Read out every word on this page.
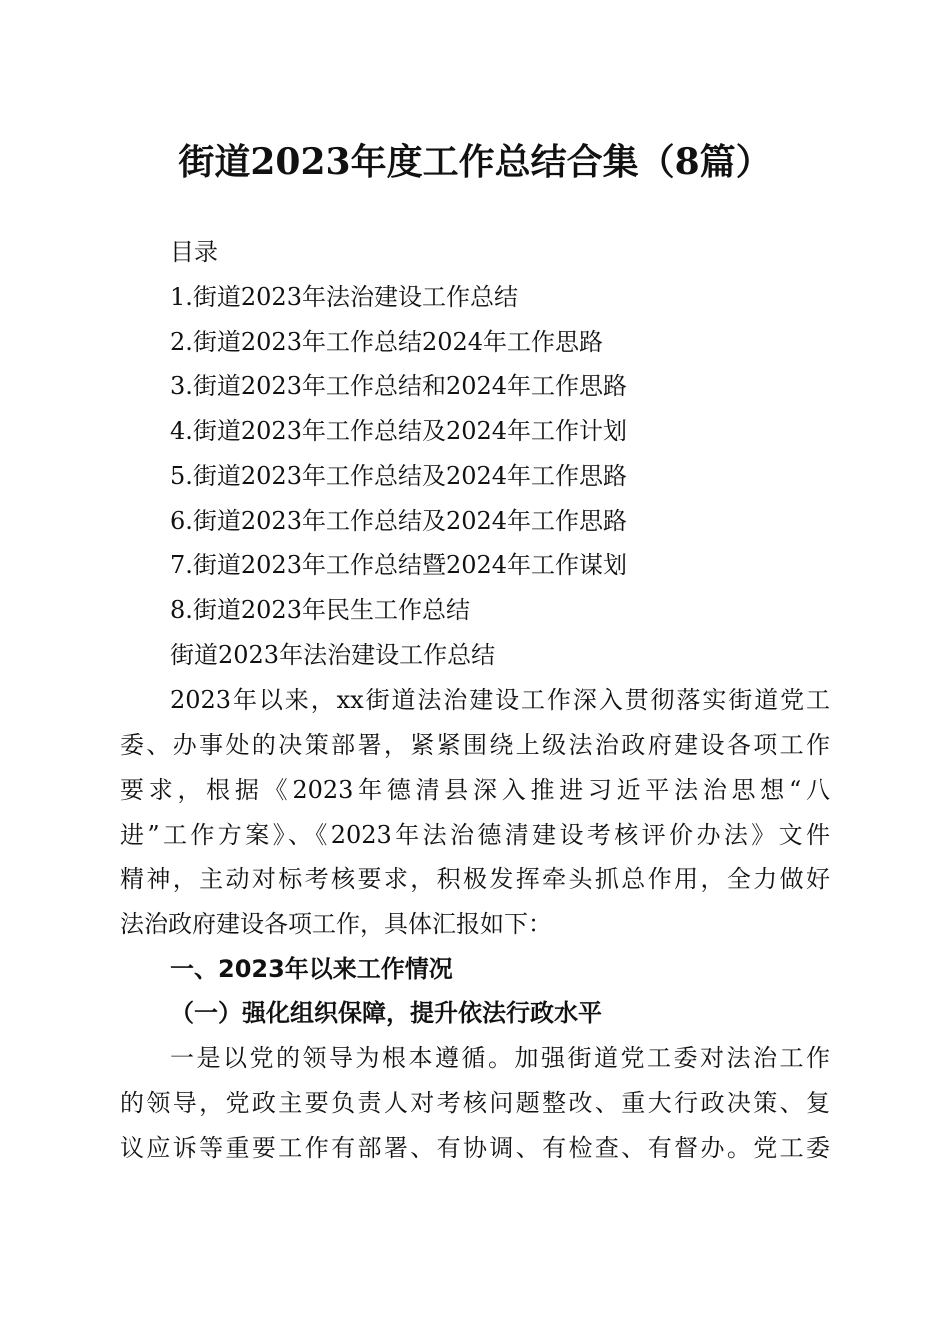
街道2023年度工作总结合集（8篇）
目录
1.街道2023年法治建设工作总结
2.街道2023年工作总结2024年工作思路
3.街道2023年工作总结和2024年工作思路
4.街道2023年工作总结及2024年工作计划
5.街道2023年工作总结及2024年工作思路
6.街道2023年工作总结及2024年工作思路
7.街道2023年工作总结暨2024年工作谋划
8.街道2023年民生工作总结
街道2023年法治建设工作总结
2023年以来，xx街道法治建设工作深入贯彻落实街道党工
委、办事处的决策部署，紧紧围绕上级法治政府建设各项工作
要求，根据《2023年德清县深入推进习近平法治思想“八
进”工作方案》、《2023年法治德清建设考核评价办法》文件
精神，主动对标考核要求，积极发挥牵头抓总作用，全力做好
法治政府建设各项工作，具体汇报如下：
一、2023年以来工作情况
（一）强化组织保障，提升依法行政水平
一是以党的领导为根本遵循。加强街道党工委对法治工作
的领导，党政主要负责人对考核问题整改、重大行政决策、复
议应诉等重要工作有部署、有协调、有检查、有督办。党工委
